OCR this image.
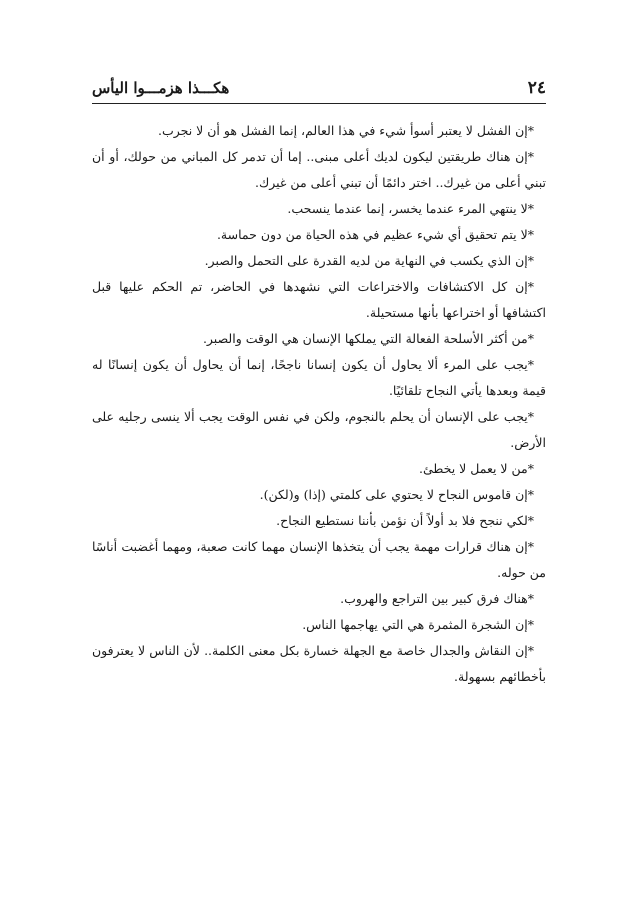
٢٤
هكـــذا هزمـــوا اليأس

*إن الفشل لا يعتبر أسوأ شيء في هذا العالم، إنما الفشل هو أن لا نجرب.

*إن هناك طريقتين ليكون لديك أعلى مبنى.. إما أن تدمر كل المباني من حولك، أو أن تبني أعلى من غيرك.. اختر دائمًا أن تبني أعلى من غيرك.

*لا ينتهي المرء عندما يخسر، إنما عندما ينسحب.

*لا يتم تحقيق أي شيء عظيم في هذه الحياة من دون حماسة.

*إن الذي يكسب في النهاية من لديه القدرة على التحمل والصبر.

*إن كل الاكتشافات والاختراعات التي نشهدها في الحاضر، تم الحكم عليها قبل اكتشافها أو اختراعها بأنها مستحيلة.

*من أكثر الأسلحة الفعالة التي يملكها الإنسان هي الوقت والصبر.

*يجب على المرء ألا يحاول أن يكون إنسانا ناجحًا، إنما أن يحاول أن يكون إنسانًا له قيمة وبعدها يأتي النجاح تلقائيًا.

*يجب على الإنسان أن يحلم بالنجوم، ولكن في نفس الوقت يجب ألا ينسى رجليه على الأرض.

*من لا يعمل لا يخطئ.

*إن قاموس النجاح لا يحتوي على كلمتي (إذا) و(لكن).

*لكي ننجح فلا بد أولاً أن نؤمن بأننا نستطيع النجاح.

*إن هناك قرارات مهمة يجب أن يتخذها الإنسان مهما كانت صعبة، ومهما أغضبت أناسًا من حوله.

*هناك فرق كبير بين التراجع والهروب.

*إن الشجرة المثمرة هي التي يهاجمها الناس.

*إن النقاش والجدال خاصة مع الجهلة خسارة بكل معنى الكلمة.. لأن الناس لا يعترفون بأخطائهم بسهولة.
